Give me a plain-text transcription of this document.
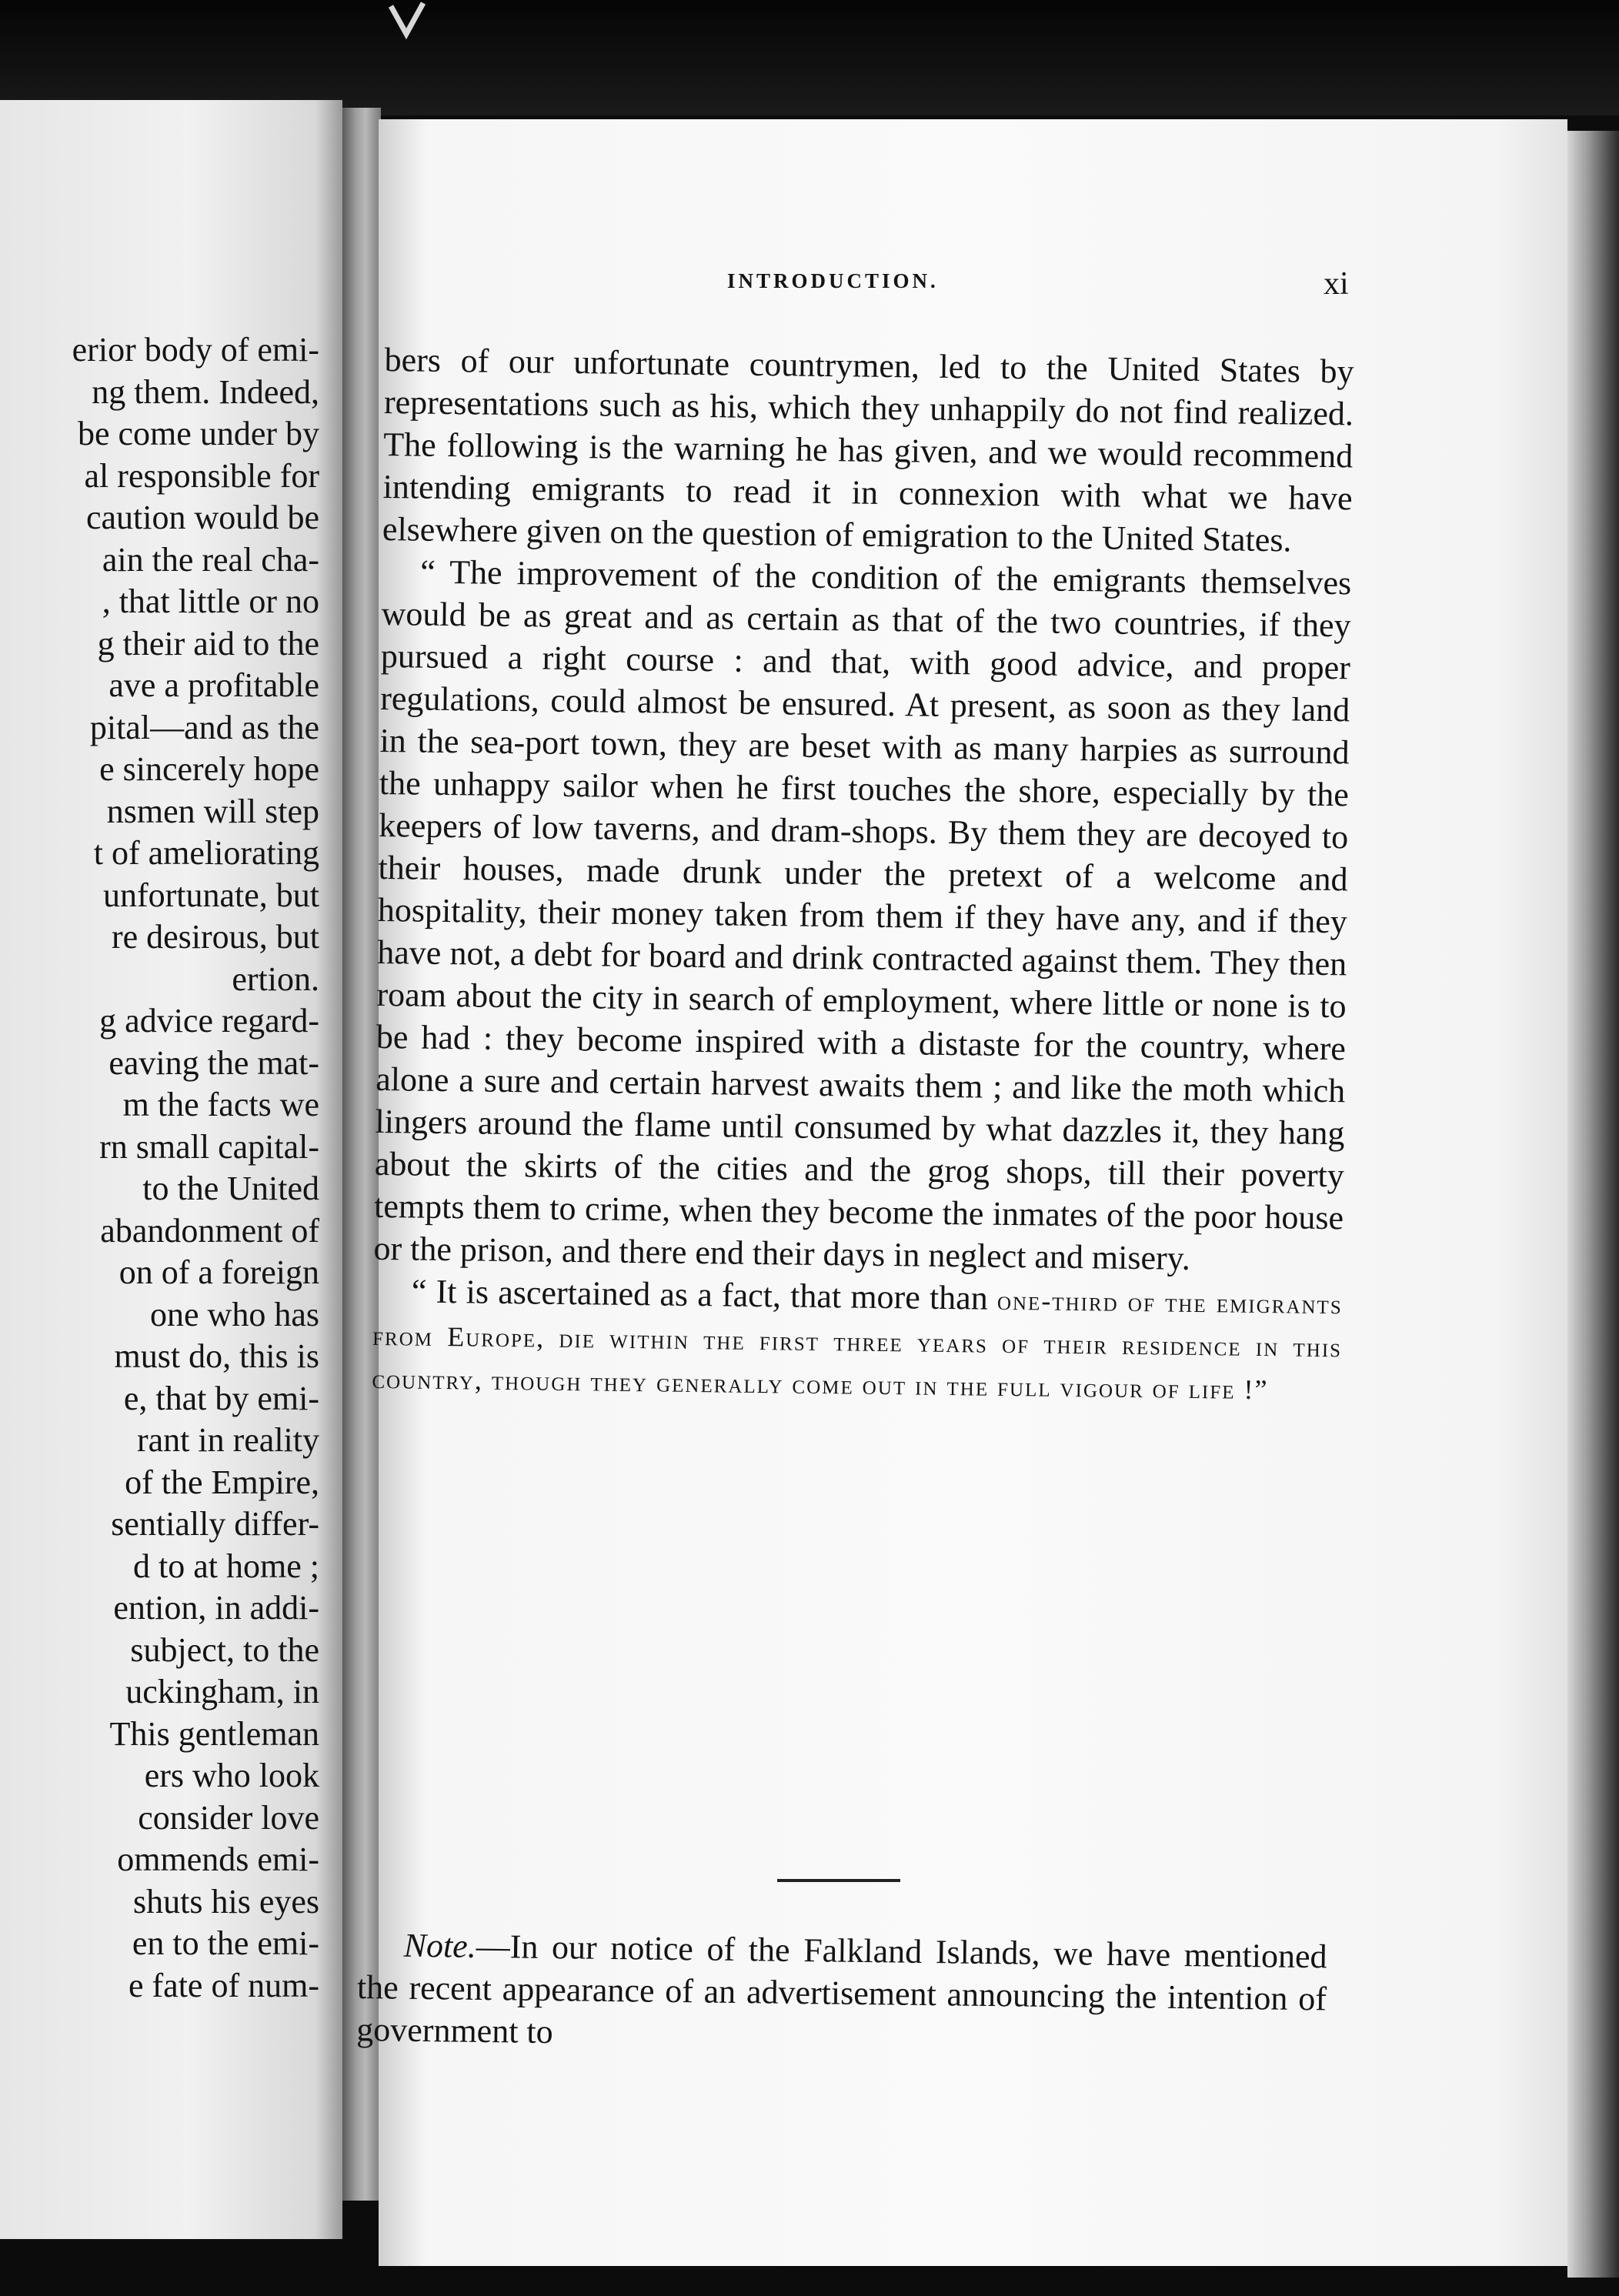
erior body of emi-
ng them. Indeed,
be come under by
al responsible for
caution would be
ain the real cha-
, that little or no
g their aid to the
ave a profitable
pital—and as the
e sincerely hope
nsmen will step
t of ameliorating
unfortunate, but
re desirous, but
ertion.
g advice regard-
eaving the mat-
m the facts we
rn small capital-
to the United
abandonment of
on of a foreign
one who has
must do, this is
e, that by emi-
rant in reality
of the Empire,
sentially differ-
d to at home ;
ention, in addi-
subject, to the
uckingham, in
This gentleman
ers who look
consider love
ommends emi-
shuts his eyes
en to the emi-
e fate of num-
INTRODUCTION.	xi

bers of our unfortunate countrymen, led to the United States by representations such as his, which they unhappily do not find realized. The following is the warning he has given, and we would recommend intending emigrants to read it in connexion with what we have elsewhere given on the question of emigration to the United States.

“ The improvement of the condition of the emigrants themselves would be as great and as certain as that of the two countries, if they pursued a right course : and that, with good advice, and proper regulations, could almost be ensured. At present, as soon as they land in the sea-port town, they are beset with as many harpies as surround the unhappy sailor when he first touches the shore, especially by the keepers of low taverns, and dram-shops. By them they are decoyed to their houses, made drunk under the pretext of a welcome and hospitality, their money taken from them if they have any, and if they have not, a debt for board and drink contracted against them. They then roam about the city in search of employment, where little or none is to be had : they become inspired with a distaste for the country, where alone a sure and certain harvest awaits them ; and like the moth which lingers around the flame until consumed by what dazzles it, they hang about the skirts of the cities and the grog shops, till their poverty tempts them to crime, when they become the inmates of the poor house or the prison, and there end their days in neglect and misery.

“ It is ascertained as a fact, that more than one-third of the emigrants from Europe, die within the first three years of their residence in this country, though they generally come out in the full vigour of life !”

Note.—In our notice of the Falkland Islands, we have mentioned the recent appearance of an advertisement announcing the intention of government to
